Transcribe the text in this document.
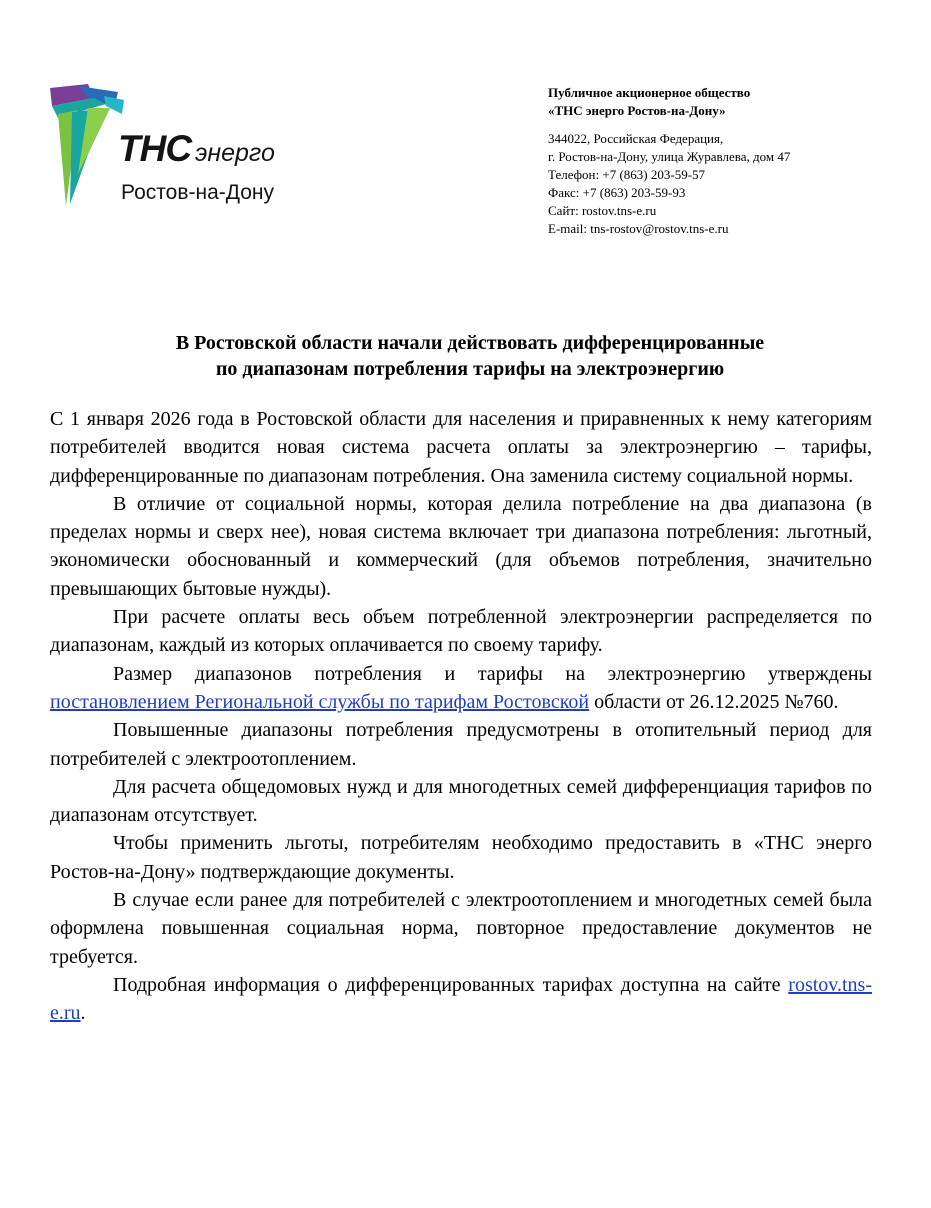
ТНС энерго
Ростов-на-Дону
Публичное акционерное общество
«ТНС энерго Ростов-на-Дону»
344022, Российская Федерация,
г. Ростов-на-Дону, улица Журавлева, дом 47
Телефон: +7 (863) 203-59-57
Факс: +7 (863) 203-59-93
Сайт: rostov.tns-e.ru
E-mail: tns-rostov@rostov.tns-e.ru
В Ростовской области начали действовать дифференцированные
по диапазонам потребления тарифы на электроэнергию

С 1 января 2026 года в Ростовской области для населения и приравненных к нему категориям потребителей вводится новая система расчета оплаты за электроэнергию – тарифы, дифференцированные по диапазонам потребления. Она заменила систему социальной нормы.

В отличие от социальной нормы, которая делила потребление на два диапазона (в пределах нормы и сверх нее), новая система включает три диапазона потребления: льготный, экономически обоснованный и коммерческий (для объемов потребления, значительно превышающих бытовые нужды).

При расчете оплаты весь объем потребленной электроэнергии распределяется по диапазонам, каждый из которых оплачивается по своему тарифу.

Размер диапазонов потребления и тарифы на электроэнергию утверждены постановлением Региональной службы по тарифам Ростовской области от 26.12.2025 №760.

Повышенные диапазоны потребления предусмотрены в отопительный период для потребителей с электроотоплением.

Для расчета общедомовых нужд и для многодетных семей дифференциация тарифов по диапазонам отсутствует.

Чтобы применить льготы, потребителям необходимо предоставить в «ТНС энерго Ростов-на-Дону» подтверждающие документы.

В случае если ранее для потребителей с электроотоплением и многодетных семей была оформлена повышенная социальная норма, повторное предоставление документов не требуется.

Подробная информация о дифференцированных тарифах доступна на сайте rostov.tns-e.ru.
